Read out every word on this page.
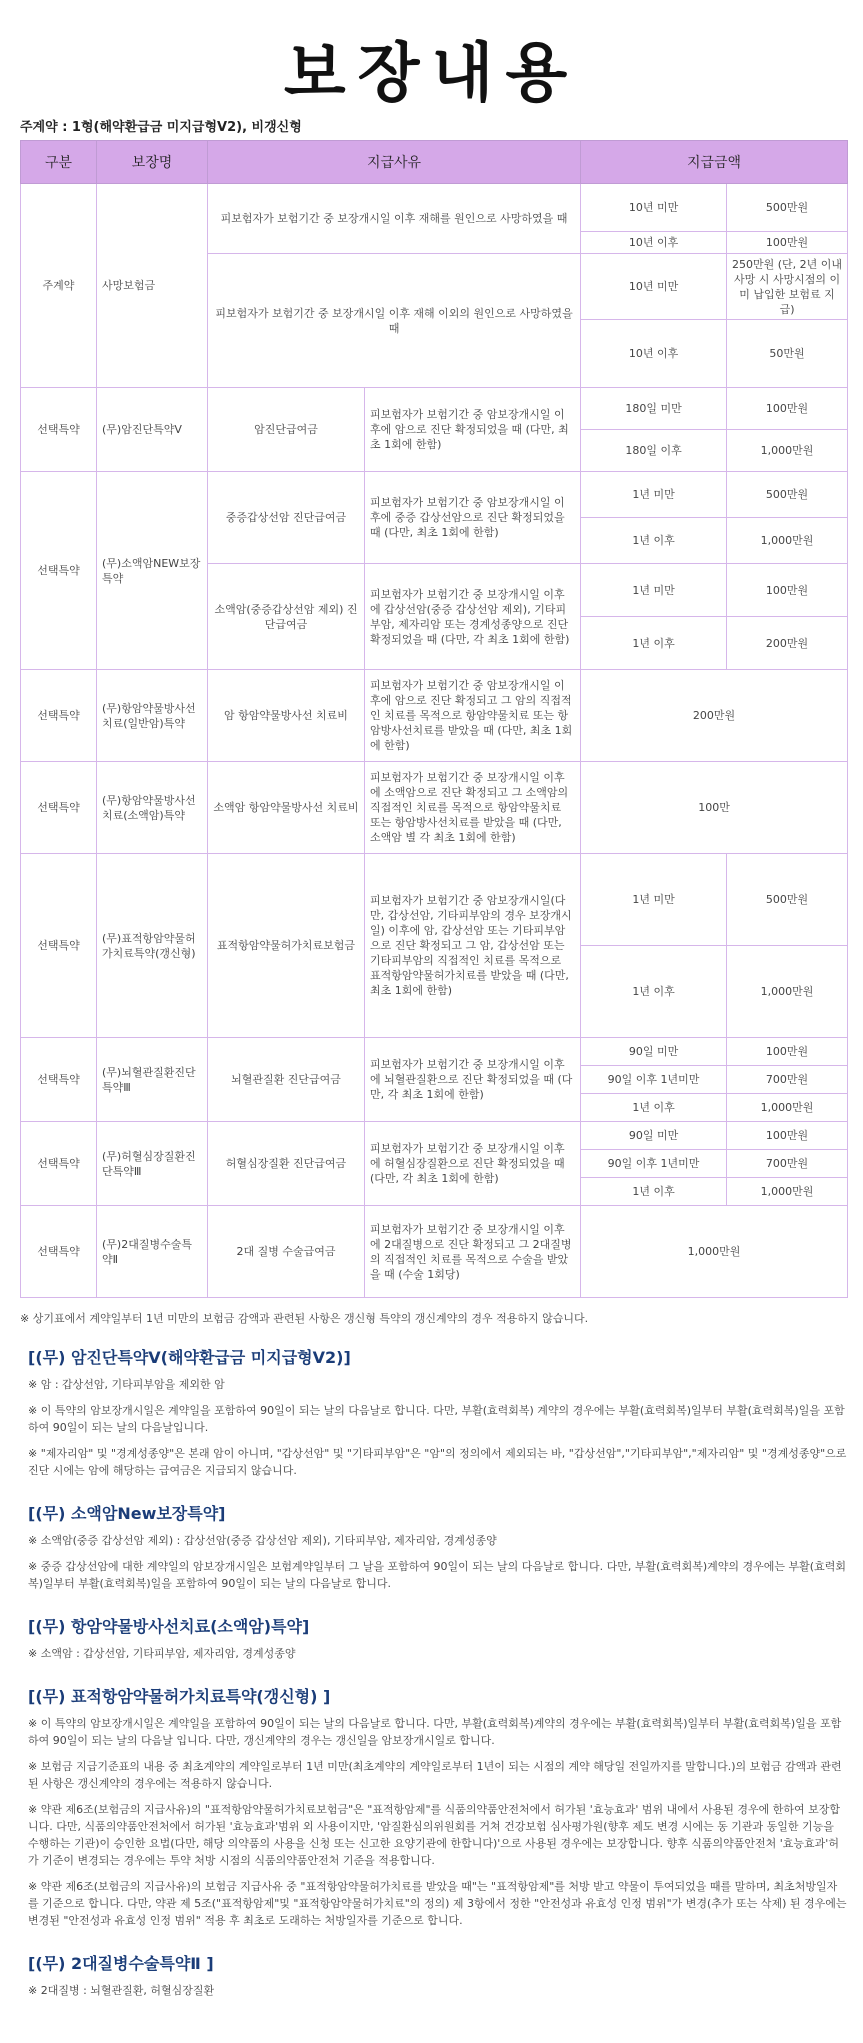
보장내용
주계약 : 1형(해약환급금 미지급형Ⅴ2), 비갱신형
구분	보장명	지급사유		지급금액	
주계약	사망보험금	피보험자가 보험기간 중 보장개시일 이후 재해를 원인으로 사망하였을 때		10년 미만	500만원
				10년 이후	100만원
		피보험자가 보험기간 중 보장개시일 이후 재해 이외의 원인으로 사망하였을 때		10년 미만	250만원 (단, 2년 이내 사망 시 사망시점의 이미 납입한 보험료 지급)
				10년 이후	50만원
선택특약	(무)암진단특약Ⅴ	암진단급여금	피보험자가 보험기간 중 암보장개시일 이후에 암으로 진단 확정되었을 때 (다만, 최초 1회에 한함)	180일 미만	100만원
				180일 이후	1,000만원
선택특약	(무)소액암NEW보장특약	중증갑상선암 진단급여금	피보험자가 보험기간 중 암보장개시일 이후에 중증 갑상선암으로 진단 확정되었을 때 (다만, 최초 1회에 한함)	1년 미만	500만원
				1년 이후	1,000만원
		소액암(중증갑상선암 제외) 진단급여금	피보험자가 보험기간 중 보장개시일 이후에 갑상선암(중증 갑상선암 제외), 기타피부암, 제자리암 또는 경계성종양으로 진단 확정되었을 때 (다만, 각 최초 1회에 한함)	1년 미만	100만원
				1년 이후	200만원
선택특약	(무)항암약물방사선치료(일반암)특약	암 항암약물방사선 치료비	피보험자가 보험기간 중 암보장개시일 이후에 암으로 진단 확정되고 그 암의 직접적인 치료를 목적으로 항암약물치료 또는 항암방사선치료를 받았을 때 (다만, 최초 1회에 한함)	200만원	
선택특약	(무)항암약물방사선치료(소액암)특약	소액암 항암약물방사선 치료비	피보험자가 보험기간 중 보장개시일 이후에 소액암으로 진단 확정되고 그 소액암의 직접적인 치료를 목적으로 항암약물치료 또는 항암방사선치료를 받았을 때 (다만, 소액암 별 각 최초 1회에 한함)	100만	
선택특약	(무)표적항암약물허가치료특약(갱신형)	표적항암약물허가치료보험금	피보험자가 보험기간 중 암보장개시일(다만, 갑상선암, 기타피부암의 경우 보장개시일) 이후에 암, 갑상선암 또는 기타피부암으로 진단 확정되고 그 암, 갑상선암 또는 기타피부암의 직접적인 치료를 목적으로 표적항암약물허가치료를 받았을 때 (다만, 최초 1회에 한함)	1년 미만	500만원
				1년 이후	1,000만원
선택특약	(무)뇌혈관질환진단특약Ⅲ	뇌혈관질환 진단급여금	피보험자가 보험기간 중 보장개시일 이후에 뇌혈관질환으로 진단 확정되었을 때 (다만, 각 최초 1회에 한함)	90일 미만	100만원
				90일 이후 1년미만	700만원
				1년 이후	1,000만원
선택특약	(무)허혈심장질환진단특약Ⅲ	허혈심장질환 진단급여금	피보험자가 보험기간 중 보장개시일 이후에 허혈심장질환으로 진단 확정되었을 때 (다만, 각 최초 1회에 한함)	90일 미만	100만원
				90일 이후 1년미만	700만원
				1년 이후	1,000만원
선택특약	(무)2대질병수술특약Ⅱ	2대 질병 수술급여금	피보험자가 보험기간 중 보장개시일 이후에 2대질병으로 진단 확정되고 그 2대질병의 직접적인 치료를 목적으로 수술을 받았을 때 (수술 1회당)	1,000만원	
※ 상기표에서 계약일부터 1년 미만의 보험금 감액과 관련된 사항은 갱신형 특약의 갱신계약의 경우 적용하지 않습니다.
[(무) 암진단특약Ⅴ(해약환급금 미지급형Ⅴ2)]

※ 암 : 갑상선암, 기타피부암을 제외한 암

※ 이 특약의 암보장개시일은 계약일을 포함하여 90일이 되는 날의 다음날로 합니다. 다만, 부활(효력회복) 계약의 경우에는 부활(효력회복)일부터 부활(효력회복)일을 포함하여 90일이 되는 날의 다음날입니다.

※ "제자리암" 및 "경계성종양"은 본래 암이 아니며, "갑상선암" 및 "기타피부암"은 "암"의 정의에서 제외되는 바, "갑상선암","기타피부암","제자리암" 및 "경계성종양"으로 진단 시에는 암에 해당하는 급여금은 지급되지 않습니다.

[(무) 소액암New보장특약]

※ 소액암(중증 갑상선암 제외) : 갑상선암(중증 갑상선암 제외), 기타피부암, 제자리암, 경계성종양

※ 중증 갑상선암에 대한 계약일의 암보장개시일은 보험계약일부터 그 날을 포함하여 90일이 되는 날의 다음날로 합니다. 다만, 부활(효력회복)계약의 경우에는 부활(효력회복)일부터 부활(효력회복)일을 포함하여 90일이 되는 날의 다음날로 합니다.

[(무) 항암약물방사선치료(소액암)특약]

※ 소액암 : 갑상선암, 기타피부암, 제자리암, 경계성종양

[(무) 표적항암약물허가치료특약(갱신형) ]

※ 이 특약의 암보장개시일은 계약일을 포함하여 90일이 되는 날의 다음날로 합니다. 다만, 부활(효력회복)계약의 경우에는 부활(효력회복)일부터 부활(효력회복)일을 포함하여 90일이 되는 날의 다음날 입니다. 다만, 갱신계약의 경우는 갱신일을 암보장개시일로 합니다.

※ 보험금 지급기준표의 내용 중 최초계약의 계약일로부터 1년 미만(최초계약의 계약일로부터 1년이 되는 시점의 계약 해당일 전일까지를 말합니다.)의 보험금 감액과 관련된 사항은 갱신계약의 경우에는 적용하지 않습니다.

※ 약관 제6조(보험금의 지급사유)의 "표적항암약물허가치료보험금"은 "표적항암제"를 식품의약품안전처에서 허가된 '효능효과' 범위 내에서 사용된 경우에 한하여 보장합니다. 다만, 식품의약품안전처에서 허가된 '효능효과'범위 외 사용이지만, '암질환심의위원회를 거쳐 건강보험 심사평가원(향후 제도 변경 시에는 동 기관과 동일한 기능을 수행하는 기관)이 승인한 요법(다만, 해당 의약품의 사용을 신청 또는 신고한 요양기관에 한합니다)'으로 사용된 경우에는 보장합니다. 향후 식품의약품안전처 '효능효과'허가 기준이 변경되는 경우에는 투약 처방 시점의 식품의약품안전처 기준을 적용합니다.

※ 약관 제6조(보험금의 지급사유)의 보험금 지급사유 중 "표적항암약물허가치료를 받았을 때"는 "표적항암제"를 처방 받고 약물이 투여되었을 때를 말하며, 최초처방일자를 기준으로 합니다. 다만, 약관 제 5조("표적항암제"및 "표적항암약물허가치료"의 정의) 제 3항에서 정한 "안전성과 유효성 인정 범위"가 변경(추가 또는 삭제) 된 경우에는 변경된 "안전성과 유효성 인정 범위" 적용 후 최초로 도래하는 처방일자를 기준으로 합니다.

[(무) 2대질병수술특약Ⅱ ]

※ 2대질병 : 뇌혈관질환, 허혈심장질환
